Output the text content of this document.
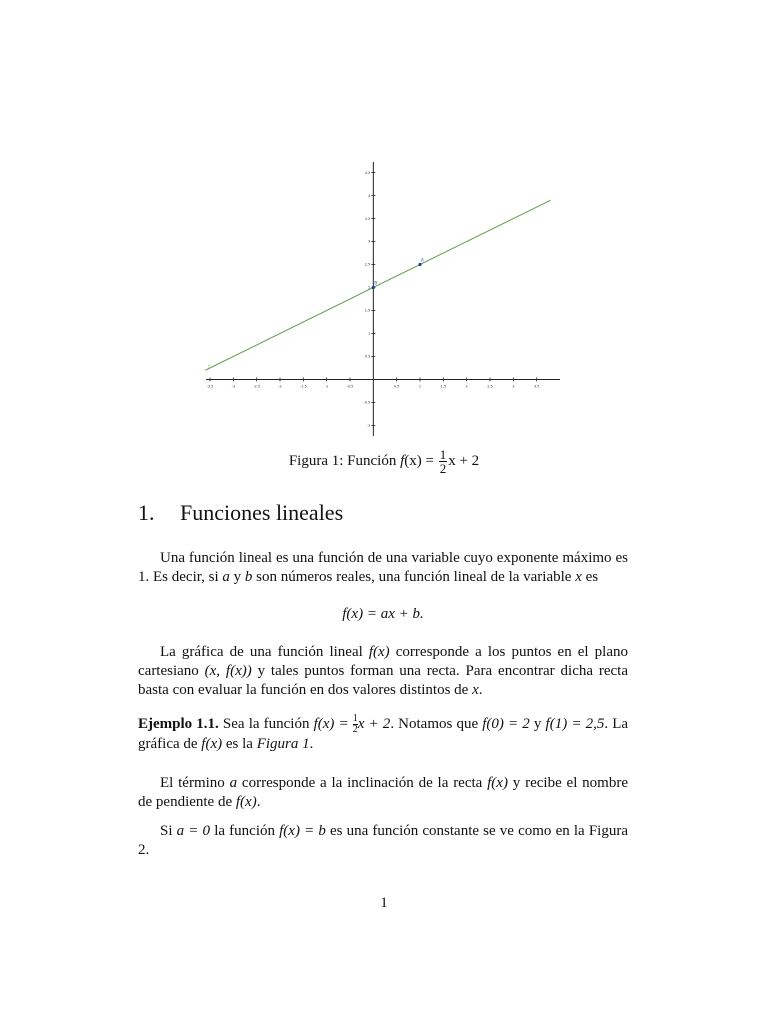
-3.5	-3	-2.5	-2	-1.5	-1	-0.5	0.5	1	1.5	2	2.5	3	3.5
-1
-0.5
0.5
1
1.5
2
2.5
3
3.5
4
4.5
f
A
B
Figura 1: Función $f(x) = \frac{1}{2}$ x + 2
1. Funciones lineales
Una función lineal es una función de una variable cuyo exponente máximo es 1. Es decir, si a y b son números reales, una función lineal de la variable x es
f(x) = ax + b.
La gráfica de una función lineal f(x) corresponde a los puntos en el plano cartesiano (x, f(x)) y tales puntos forman una recta. Para encontrar dicha recta basta con evaluar la función en dos valores distintos de x.
Ejemplo 1.1. Sea la función $f(x) = \frac{1}{2}$ x + 2. Notamos que f(0) = 2 y f(1) = 2,5. La gráfica de f(x) es la Figura 1.
El término a corresponde a la inclinación de la recta f(x) y recibe el nombre de pendiente de f(x).
Si a = 0 la función f(x) = b es una función constante se ve como en la Figura 2.
1
